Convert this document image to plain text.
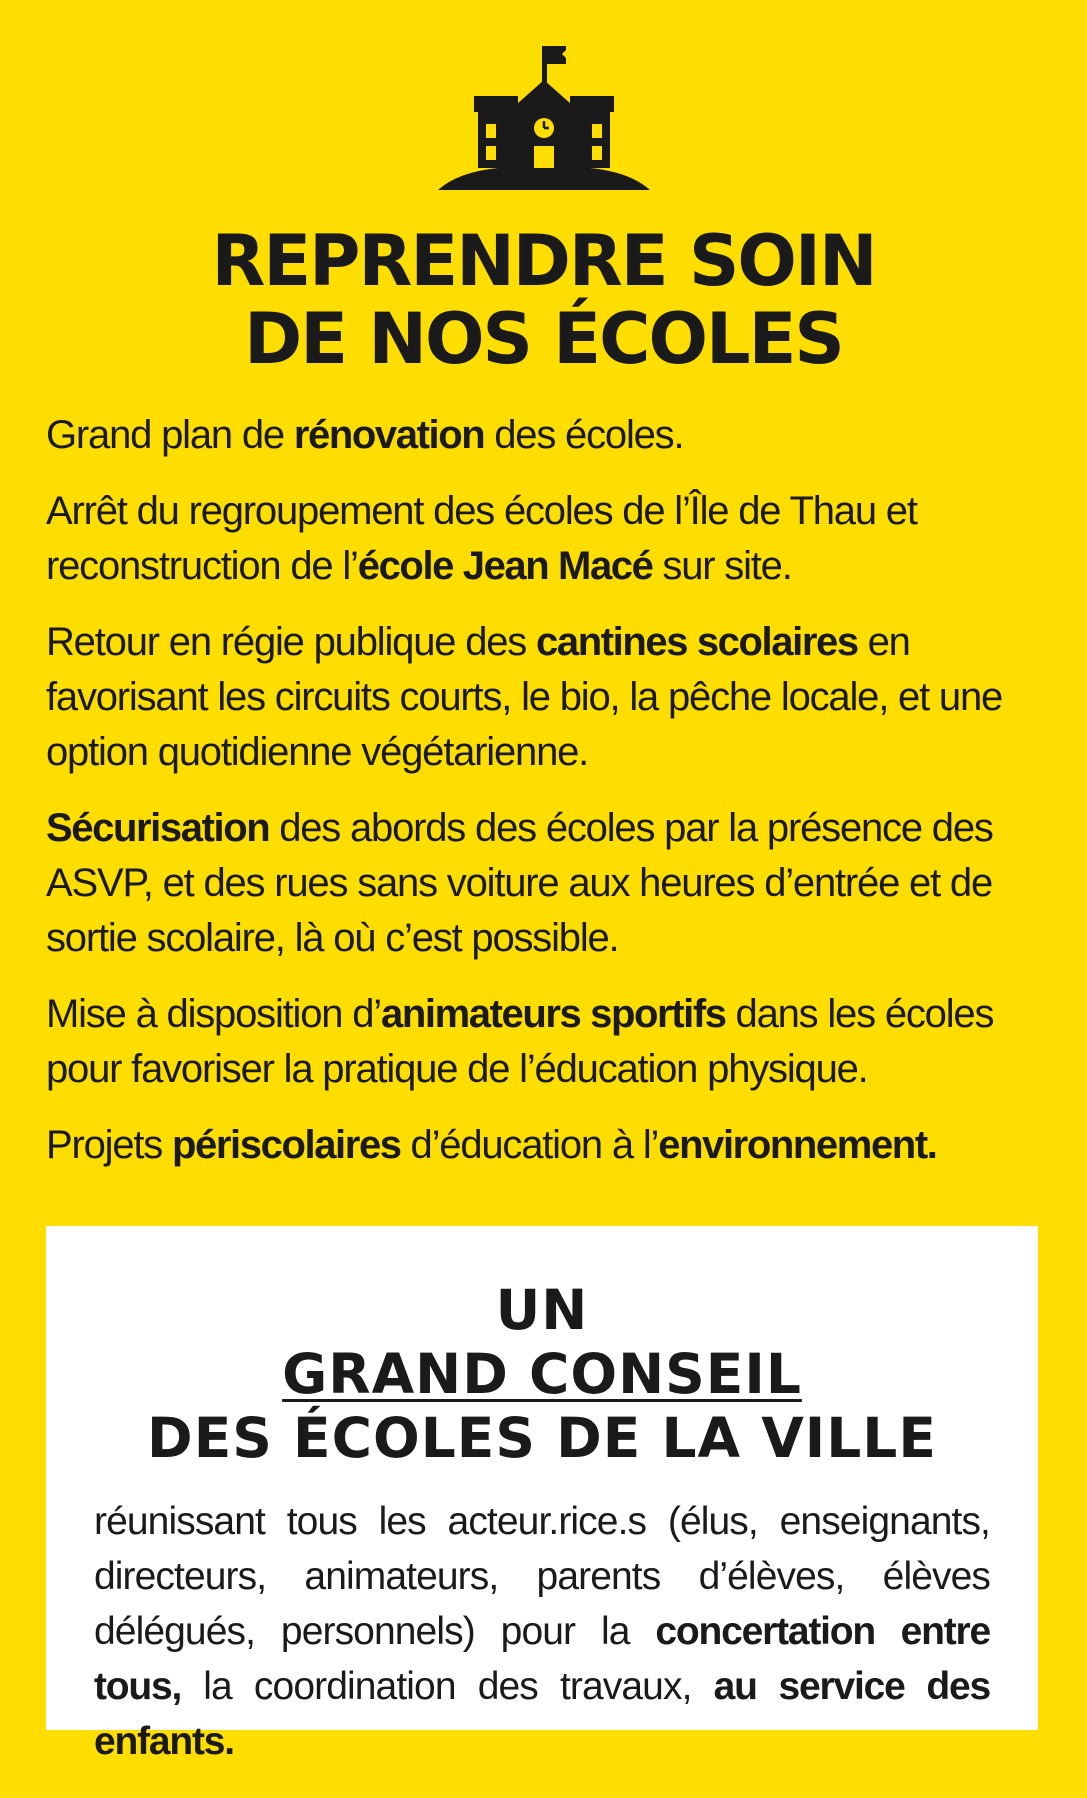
REPRENDRE SOIN
DE NOS ÉCOLES
Grand plan de rénovation des écoles.
Arrêt du regroupement des écoles de l’Île de Thau et reconstruction de l’école Jean Macé sur site.
Retour en régie publique des cantines scolaires en favorisant les circuits courts, le bio, la pêche locale, et une option quotidienne végétarienne.
Sécurisation des abords des écoles par la présence des ASVP, et des rues sans voiture aux heures d’entrée et de sortie scolaire, là où c’est possible.
Mise à disposition d’animateurs sportifs dans les écoles pour favoriser la pratique de l’éducation physique.
Projets périscolaires d’éducation à l’environnement.
UN
GRAND CONSEIL
DES ÉCOLES DE LA VILLE

réunissant tous les acteur.rice.s (élus, enseignants, directeurs, animateurs, parents d’élèves, élèves délégués, personnels) pour la concertation entre tous, la coordination des travaux, au service des enfants.
